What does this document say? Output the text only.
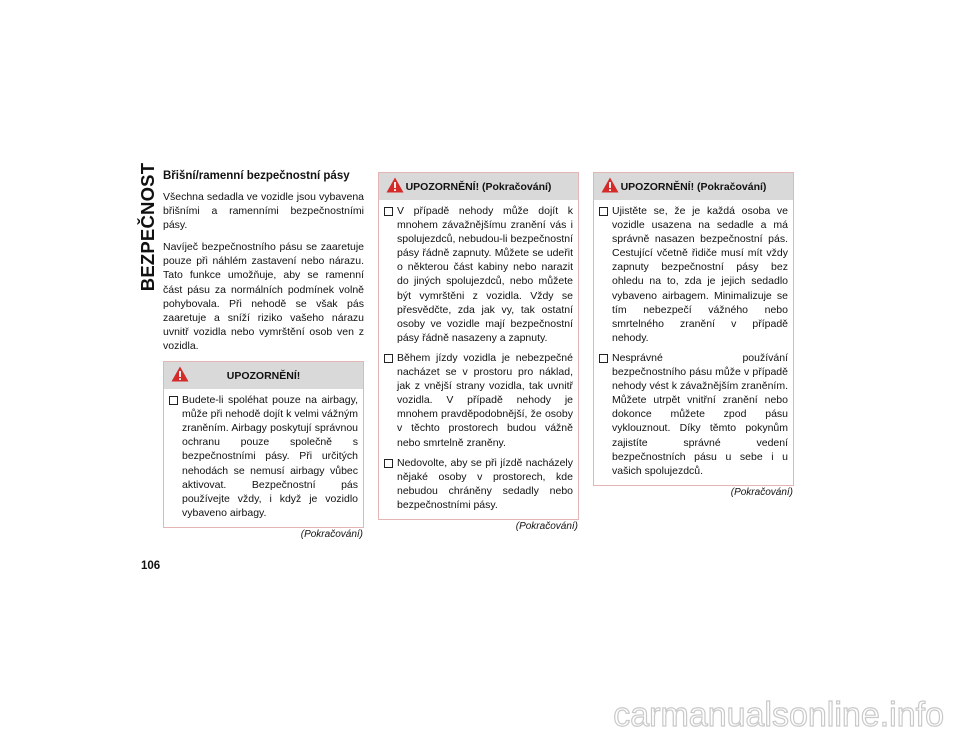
BEZPEČNOST
106
Břišní/ramenní bezpečnostní pásy

Všechna sedadla ve vozidle jsou vybavena břišními a ramenními bezpečnostními pásy.

Navíječ bezpečnostního pásu se zaaretuje pouze při náhlém zastavení nebo nárazu. Tato funkce umožňuje, aby se ramenní část pásu za normálních podmínek volně pohybovala. Při nehodě se však pás zaaretuje a sníží riziko vašeho nárazu uvnitř vozidla nebo vymrštění osob ven z vozidla.

UPOZORNĚNÍ!
Budete-li spoléhat pouze na airbagy, může při nehodě dojít k velmi vážným zraněním. Airbagy poskytují správnou ochranu pouze společně s bezpečnostními pásy. Při určitých nehodách se nemusí airbagy vůbec aktivovat. Bezpečnostní pás používejte vždy, i když je vozidlo vybaveno airbagy.
(Pokračování)
UPOZORNĚNÍ! (Pokračování)
V případě nehody může dojít k mnohem závažnějšímu zranění vás i spolujezdců, nebudou-li bezpečnostní pásy řádně zapnuty. Můžete se udeřit o některou část kabiny nebo narazit do jiných spolujezdců, nebo můžete být vymrštěni z vozidla. Vždy se přesvědčte, zda jak vy, tak ostatní osoby ve vozidle mají bezpečnostní pásy řádně nasazeny a zapnuty.
Během jízdy vozidla je nebezpečné nacházet se v prostoru pro náklad, jak z vnější strany vozidla, tak uvnitř vozidla. V případě nehody je mnohem pravděpodobnější, že osoby v těchto prostorech budou vážně nebo smrtelně zraněny.
Nedovolte, aby se při jízdě nacházely nějaké osoby v prostorech, kde nebudou chráněny sedadly nebo bezpečnostními pásy.
(Pokračování)
UPOZORNĚNÍ! (Pokračování)
Ujistěte se, že je každá osoba ve vozidle usazena na sedadle a má správně nasazen bezpečnostní pás. Cestující včetně řidiče musí mít vždy zapnuty bezpečnostní pásy bez ohledu na to, zda je jejich sedadlo vybaveno airbagem. Minimalizuje se tím nebezpečí vážného nebo smrtelného zranění v případě nehody.
Nesprávné používání bezpečnostního pásu může v případě nehody vést k závažnějším zraněním. Můžete utrpět vnitřní zranění nebo dokonce můžete zpod pásu vyklouznout. Díky těmto pokynům zajistíte správné vedení bezpečnostních pásu u sebe i u vašich spolujezdců.
(Pokračování)
carmanualsonline.info
